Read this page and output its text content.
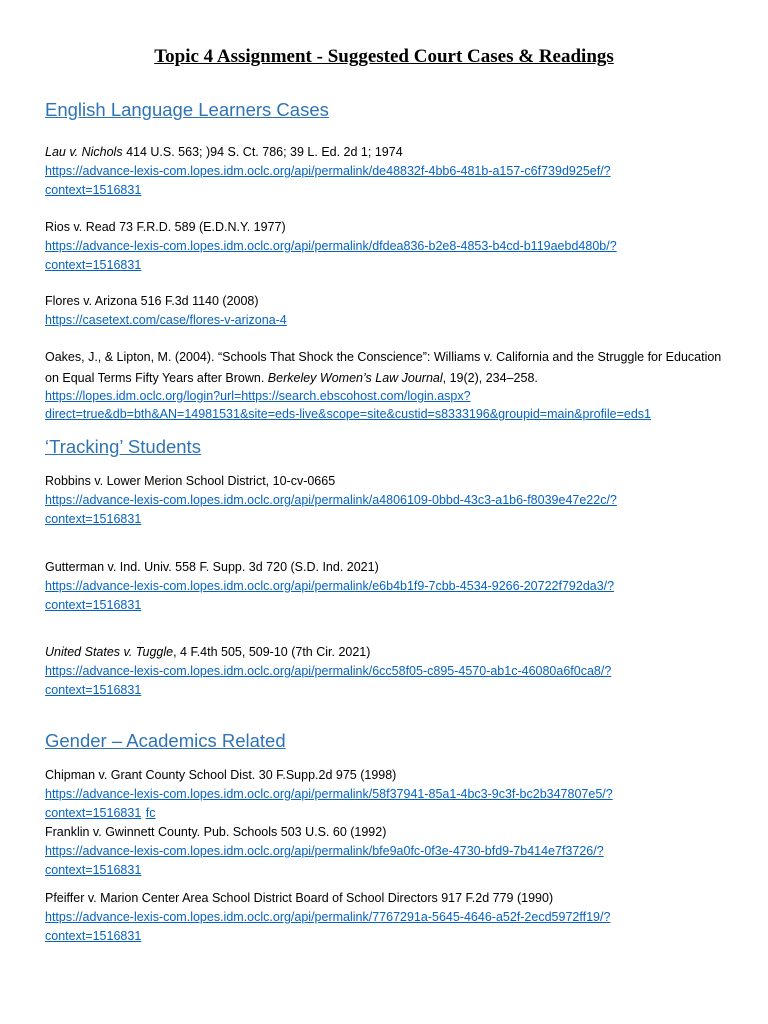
Topic 4 Assignment - Suggested Court Cases & Readings
English Language Learners Cases
Lau v. Nichols 414 U.S. 563; )94 S. Ct. 786; 39 L. Ed. 2d 1; 1974
https://advance-lexis-com.lopes.idm.oclc.org/api/permalink/de48832f-4bb6-481b-a157-c6f739d925ef/?
context=1516831
Rios v. Read 73 F.R.D. 589 (E.D.N.Y. 1977)
https://advance-lexis-com.lopes.idm.oclc.org/api/permalink/dfdea836-b2e8-4853-b4cd-b119aebd480b/?
context=1516831
Flores v. Arizona 516 F.3d 1140 (2008)
https://casetext.com/case/flores-v-arizona-4
Oakes, J., & Lipton, M. (2004). “Schools That Shock the Conscience”: Williams v. California and the Struggle for Education
on Equal Terms Fifty Years after Brown. Berkeley Women’s Law Journal, 19(2), 234–258.
https://lopes.idm.oclc.org/login?url=https://search.ebscohost.com/login.aspx?
direct=true&db=bth&AN=14981531&site=eds-live&scope=site&custid=s8333196&groupid=main&profile=eds1
‘Tracking’ Students
Robbins v. Lower Merion School District, 10-cv-0665
https://advance-lexis-com.lopes.idm.oclc.org/api/permalink/a4806109-0bbd-43c3-a1b6-f8039e47e22c/?
context=1516831
Gutterman v. Ind. Univ. 558 F. Supp. 3d 720 (S.D. Ind. 2021)
https://advance-lexis-com.lopes.idm.oclc.org/api/permalink/e6b4b1f9-7cbb-4534-9266-20722f792da3/?
context=1516831
United States v. Tuggle, 4 F.4th 505, 509-10 (7th Cir. 2021)
https://advance-lexis-com.lopes.idm.oclc.org/api/permalink/6cc58f05-c895-4570-ab1c-46080a6f0ca8/?
context=1516831
Gender – Academics Related
Chipman v. Grant County School Dist. 30 F.Supp.2d 975 (1998)
https://advance-lexis-com.lopes.idm.oclc.org/api/permalink/58f37941-85a1-4bc3-9c3f-bc2b347807e5/?
context=1516831 fc
Franklin v. Gwinnett County. Pub. Schools 503 U.S. 60 (1992)
https://advance-lexis-com.lopes.idm.oclc.org/api/permalink/bfe9a0fc-0f3e-4730-bfd9-7b414e7f3726/?
context=1516831
Pfeiffer v. Marion Center Area School District Board of School Directors 917 F.2d 779 (1990)
https://advance-lexis-com.lopes.idm.oclc.org/api/permalink/7767291a-5645-4646-a52f-2ecd5972ff19/?
context=1516831
